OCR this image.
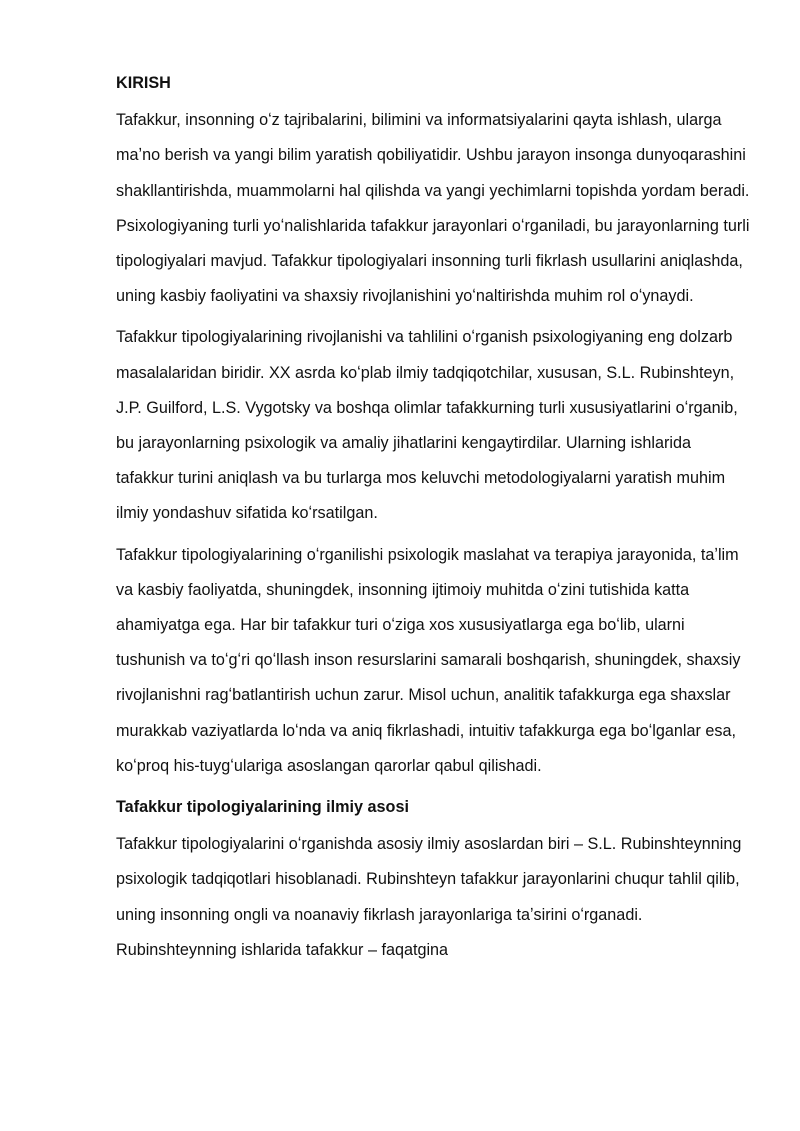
KIRISH
Tafakkur, insonning oʻz tajribalarini, bilimini va informatsiyalarini qayta ishlash, ularga maʼno berish va yangi bilim yaratish qobiliyatidir. Ushbu jarayon insonga dunyoqarashini shakllantirishda, muammolarni hal qilishda va yangi yechimlarni topishda yordam beradi. Psixologiyaning turli yoʻnalishlarida tafakkur jarayonlari oʻrganiladi, bu jarayonlarning turli tipologiyalari mavjud. Tafakkur tipologiyalari insonning turli fikrlash usullarini aniqlashda, uning kasbiy faoliyatini va shaxsiy rivojlanishini yoʻnaltirishda muhim rol oʻynaydi.
Tafakkur tipologiyalarining rivojlanishi va tahlilini oʻrganish psixologiyaning eng dolzarb masalalaridan biridir. XX asrda koʻplab ilmiy tadqiqotchilar, xususan, S.L. Rubinshteyn, J.P. Guilford, L.S. Vygotsky va boshqa olimlar tafakkurning turli xususiyatlarini oʻrganib, bu jarayonlarning psixologik va amaliy jihatlarini kengaytirdilar. Ularning ishlarida tafakkur turini aniqlash va bu turlarga mos keluvchi metodologiyalarni yaratish muhim ilmiy yondashuv sifatida koʻrsatilgan.
Tafakkur tipologiyalarining oʻrganilishi psixologik maslahat va terapiya jarayonida, taʼlim va kasbiy faoliyatda, shuningdek, insonning ijtimoiy muhitda oʻzini tutishida katta ahamiyatga ega. Har bir tafakkur turi oʻziga xos xususiyatlarga ega boʻlib, ularni tushunish va toʻgʻri qoʻllash inson resurslarini samarali boshqarish, shuningdek, shaxsiy rivojlanishni ragʻbatlantirish uchun zarur. Misol uchun, analitik tafakkurga ega shaxslar murakkab vaziyatlarda loʻnda va aniq fikrlashadi, intuitiv tafakkurga ega boʻlganlar esa, koʻproq his-tuygʻulariga asoslangan qarorlar qabul qilishadi.
Tafakkur tipologiyalarining ilmiy asosi
Tafakkur tipologiyalarini oʻrganishda asosiy ilmiy asoslardan biri – S.L. Rubinshteynning psixologik tadqiqotlari hisoblanadi. Rubinshteyn tafakkur jarayonlarini chuqur tahlil qilib, uning insonning ongli va noanaviy fikrlash jarayonlariga taʼsirini oʻrganadi. Rubinshteynning ishlarida tafakkur – faqatgina
